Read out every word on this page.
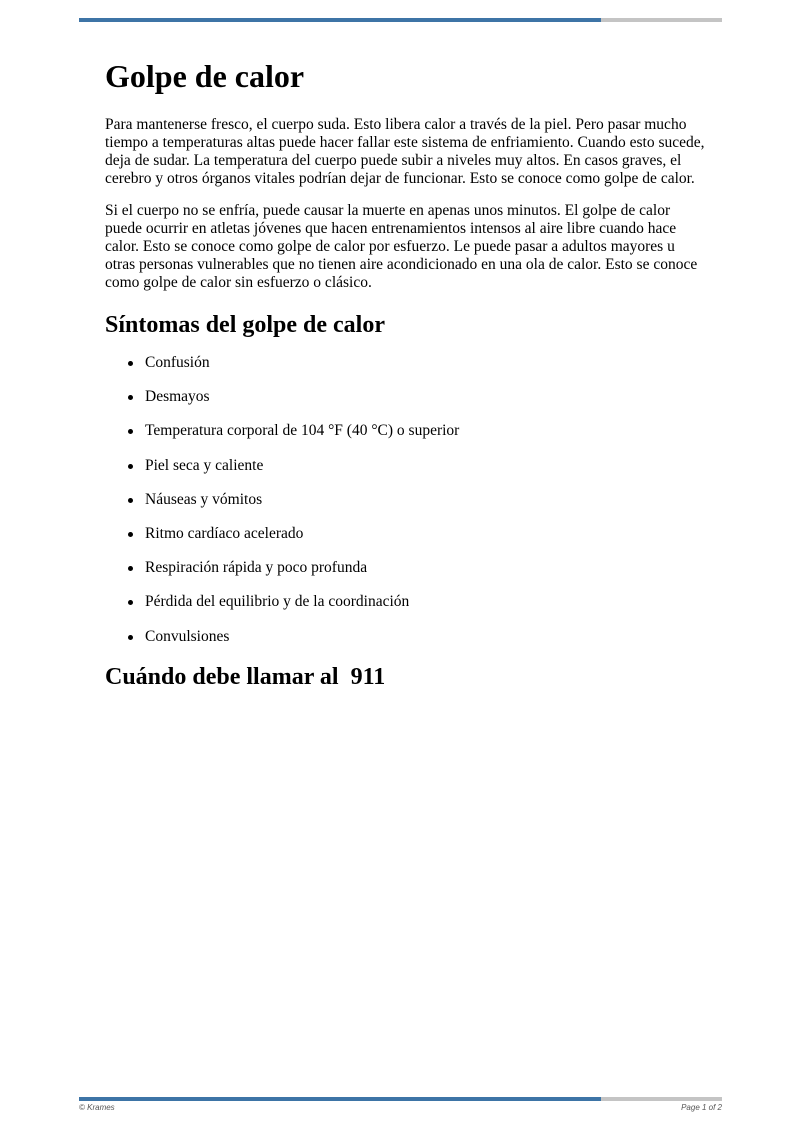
Golpe de calor

Para mantenerse fresco, el cuerpo suda. Esto libera calor a través de la piel. Pero pasar mucho tiempo a temperaturas altas puede hacer fallar este sistema de enfriamiento. Cuando esto sucede, deja de sudar. La temperatura del cuerpo puede subir a niveles muy altos. En casos graves, el cerebro y otros órganos vitales podrían dejar de funcionar. Esto se conoce como golpe de calor.

Si el cuerpo no se enfría, puede causar la muerte en apenas unos minutos. El golpe de calor puede ocurrir en atletas jóvenes que hacen entrenamientos intensos al aire libre cuando hace calor. Esto se conoce como golpe de calor por esfuerzo. Le puede pasar a adultos mayores u otras personas vulnerables que no tienen aire acondicionado en una ola de calor. Esto se conoce como golpe de calor sin esfuerzo o clásico.

Síntomas del golpe de calor
Confusión
Desmayos
Temperatura corporal de 104 °F (40 °C) o superior
Piel seca y caliente
Náuseas y vómitos
Ritmo cardíaco acelerado
Respiración rápida y poco profunda
Pérdida del equilibrio y de la coordinación
Convulsiones
Cuándo debe llamar al  911
© Krames	Page 1 of 2
